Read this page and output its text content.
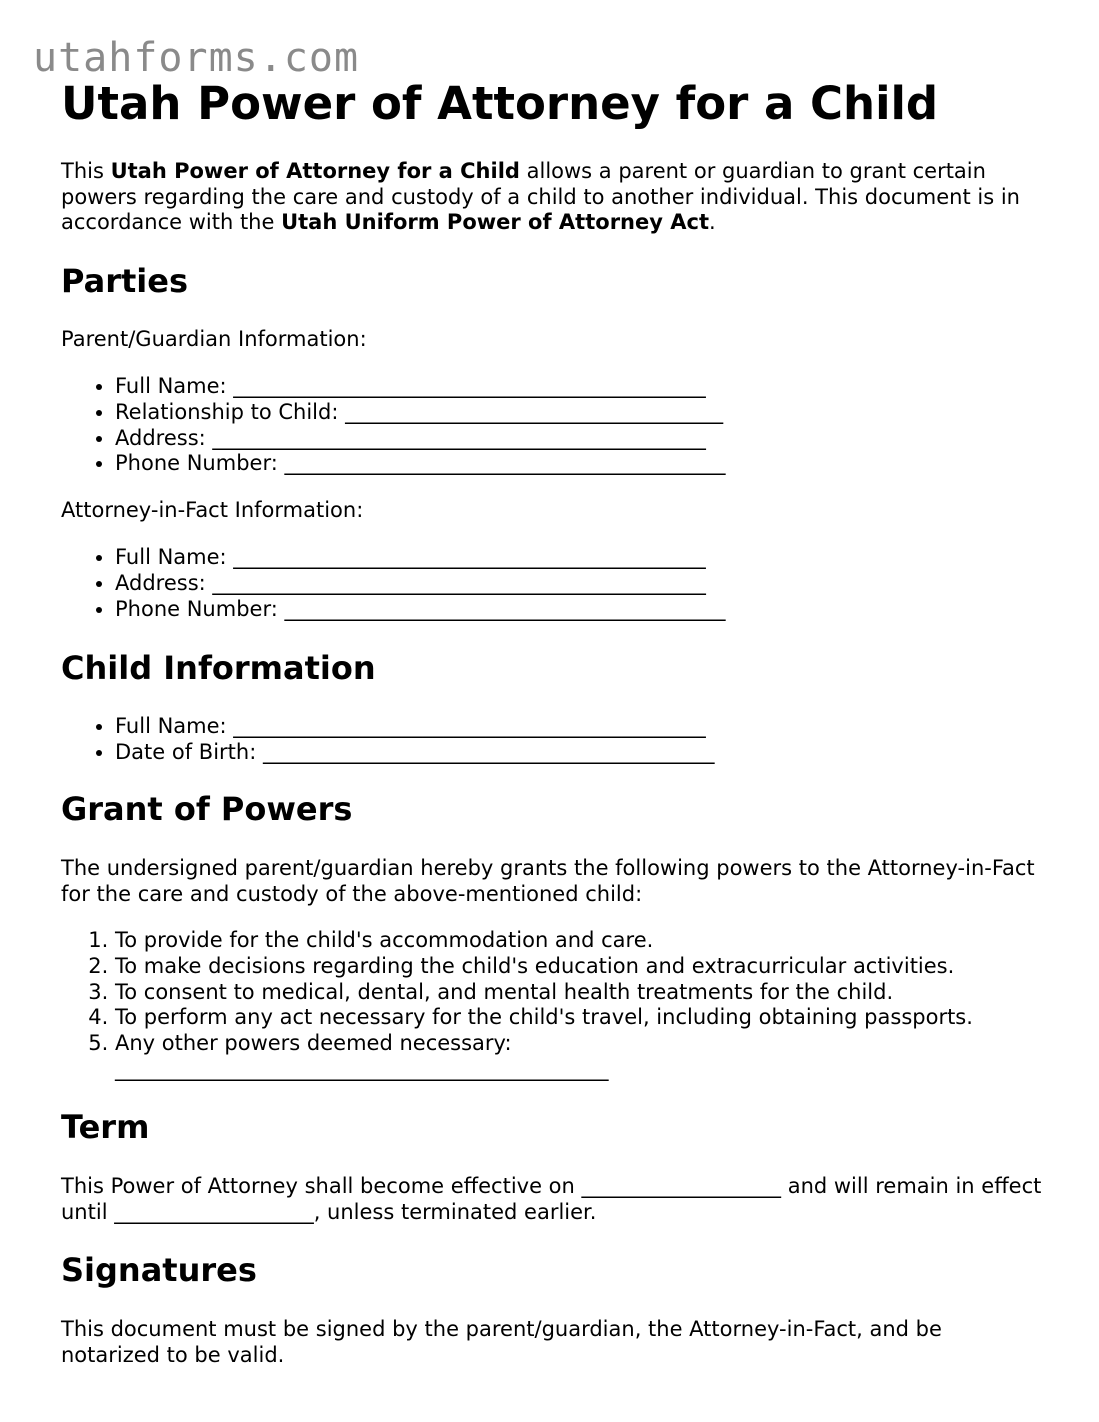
utahforms.com
Utah Power of Attorney for a Child

This Utah Power of Attorney for a Child allows a parent or guardian to grant certain powers regarding the care and custody of a child to another individual. This document is in accordance with the Utah Uniform Power of Attorney Act.

Parties

Parent/Guardian Information:

• Full Name: _____________________________________________
• Relationship to Child: ____________________________________
• Address: _______________________________________________
• Phone Number: __________________________________________

Attorney-in-Fact Information:

• Full Name: _____________________________________________
• Address: _______________________________________________
• Phone Number: __________________________________________
Child Information
• Full Name: _____________________________________________
• Date of Birth: ___________________________________________
Grant of Powers

The undersigned parent/guardian hereby grants the following powers to the Attorney-in-Fact for the care and custody of the above-mentioned child:

1. To provide for the child's accommodation and care.
2. To make decisions regarding the child's education and extracurricular activities.
3. To consent to medical, dental, and mental health treatments for the child.
4. To perform any act necessary for the child's travel, including obtaining passports.
5. Any other powers deemed necessary:
_______________________________________________
Term

This Power of Attorney shall become effective on ___________________ and will remain in effect until ___________________, unless terminated earlier.

Signatures

This document must be signed by the parent/guardian, the Attorney-in-Fact, and be notarized to be valid.
